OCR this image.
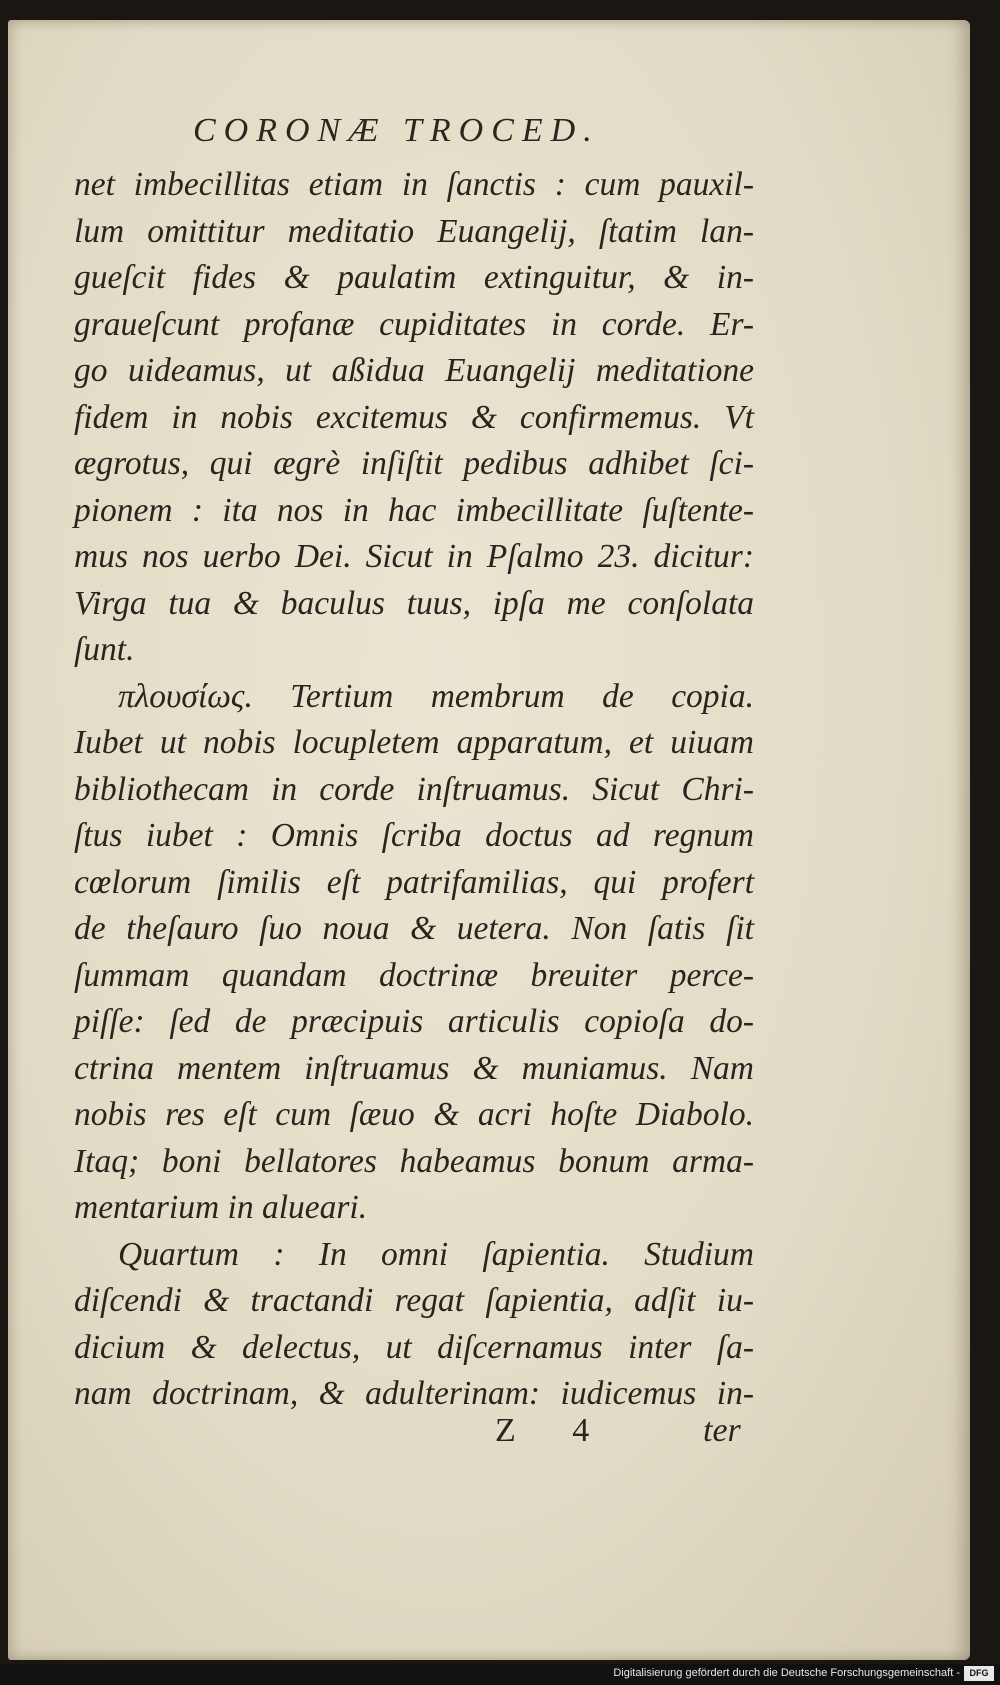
CORONÆ TROCED.
net imbecillitas etiam in ſanctis : cum pauxil-
lum omittitur meditatio Euangelij, ſtatim lan-
gueſcit fides & paulatim extinguitur, & in-
graueſcunt profanæ cupiditates in corde. Er-
go uideamus, ut aßidua Euangelij meditatione
fidem in nobis excitemus & confirmemus. Vt
ægrotus, qui ægrè inſiſtit pedibus adhibet ſci-
pionem : ita nos in hac imbecillitate ſuſtente-
mus nos uerbo Dei. Sicut in Pſalmo 23. dicitur:
Virga tua & baculus tuus, ipſa me conſolata
ſunt.
πλουσίως. Tertium membrum de copia.
Iubet ut nobis locupletem apparatum, et uiuam
bibliothecam in corde inſtruamus. Sicut Chri-
ſtus iubet : Omnis ſcriba doctus ad regnum
cœlorum ſimilis eſt patrifamilias, qui profert
de theſauro ſuo noua & uetera. Non ſatis ſit
ſummam quandam doctrinæ breuiter perce-
piſſe: ſed de præcipuis articulis copioſa do-
ctrina mentem inſtruamus & muniamus. Nam
nobis res eſt cum ſæuo & acri hoſte Diabolo.
Itaq; boni bellatores habeamus bonum arma-
mentarium in alueari.
Quartum : In omni ſapientia. Studium
diſcendi & tractandi regat ſapientia, adſit iu-
dicium & delectus, ut diſcernamus inter ſa-
nam doctrinam, & adulterinam: iudicemus in-
Z 4	ter
Digitalisierung gefördert durch die Deutsche Forschungsgemeinschaft -	DFG
